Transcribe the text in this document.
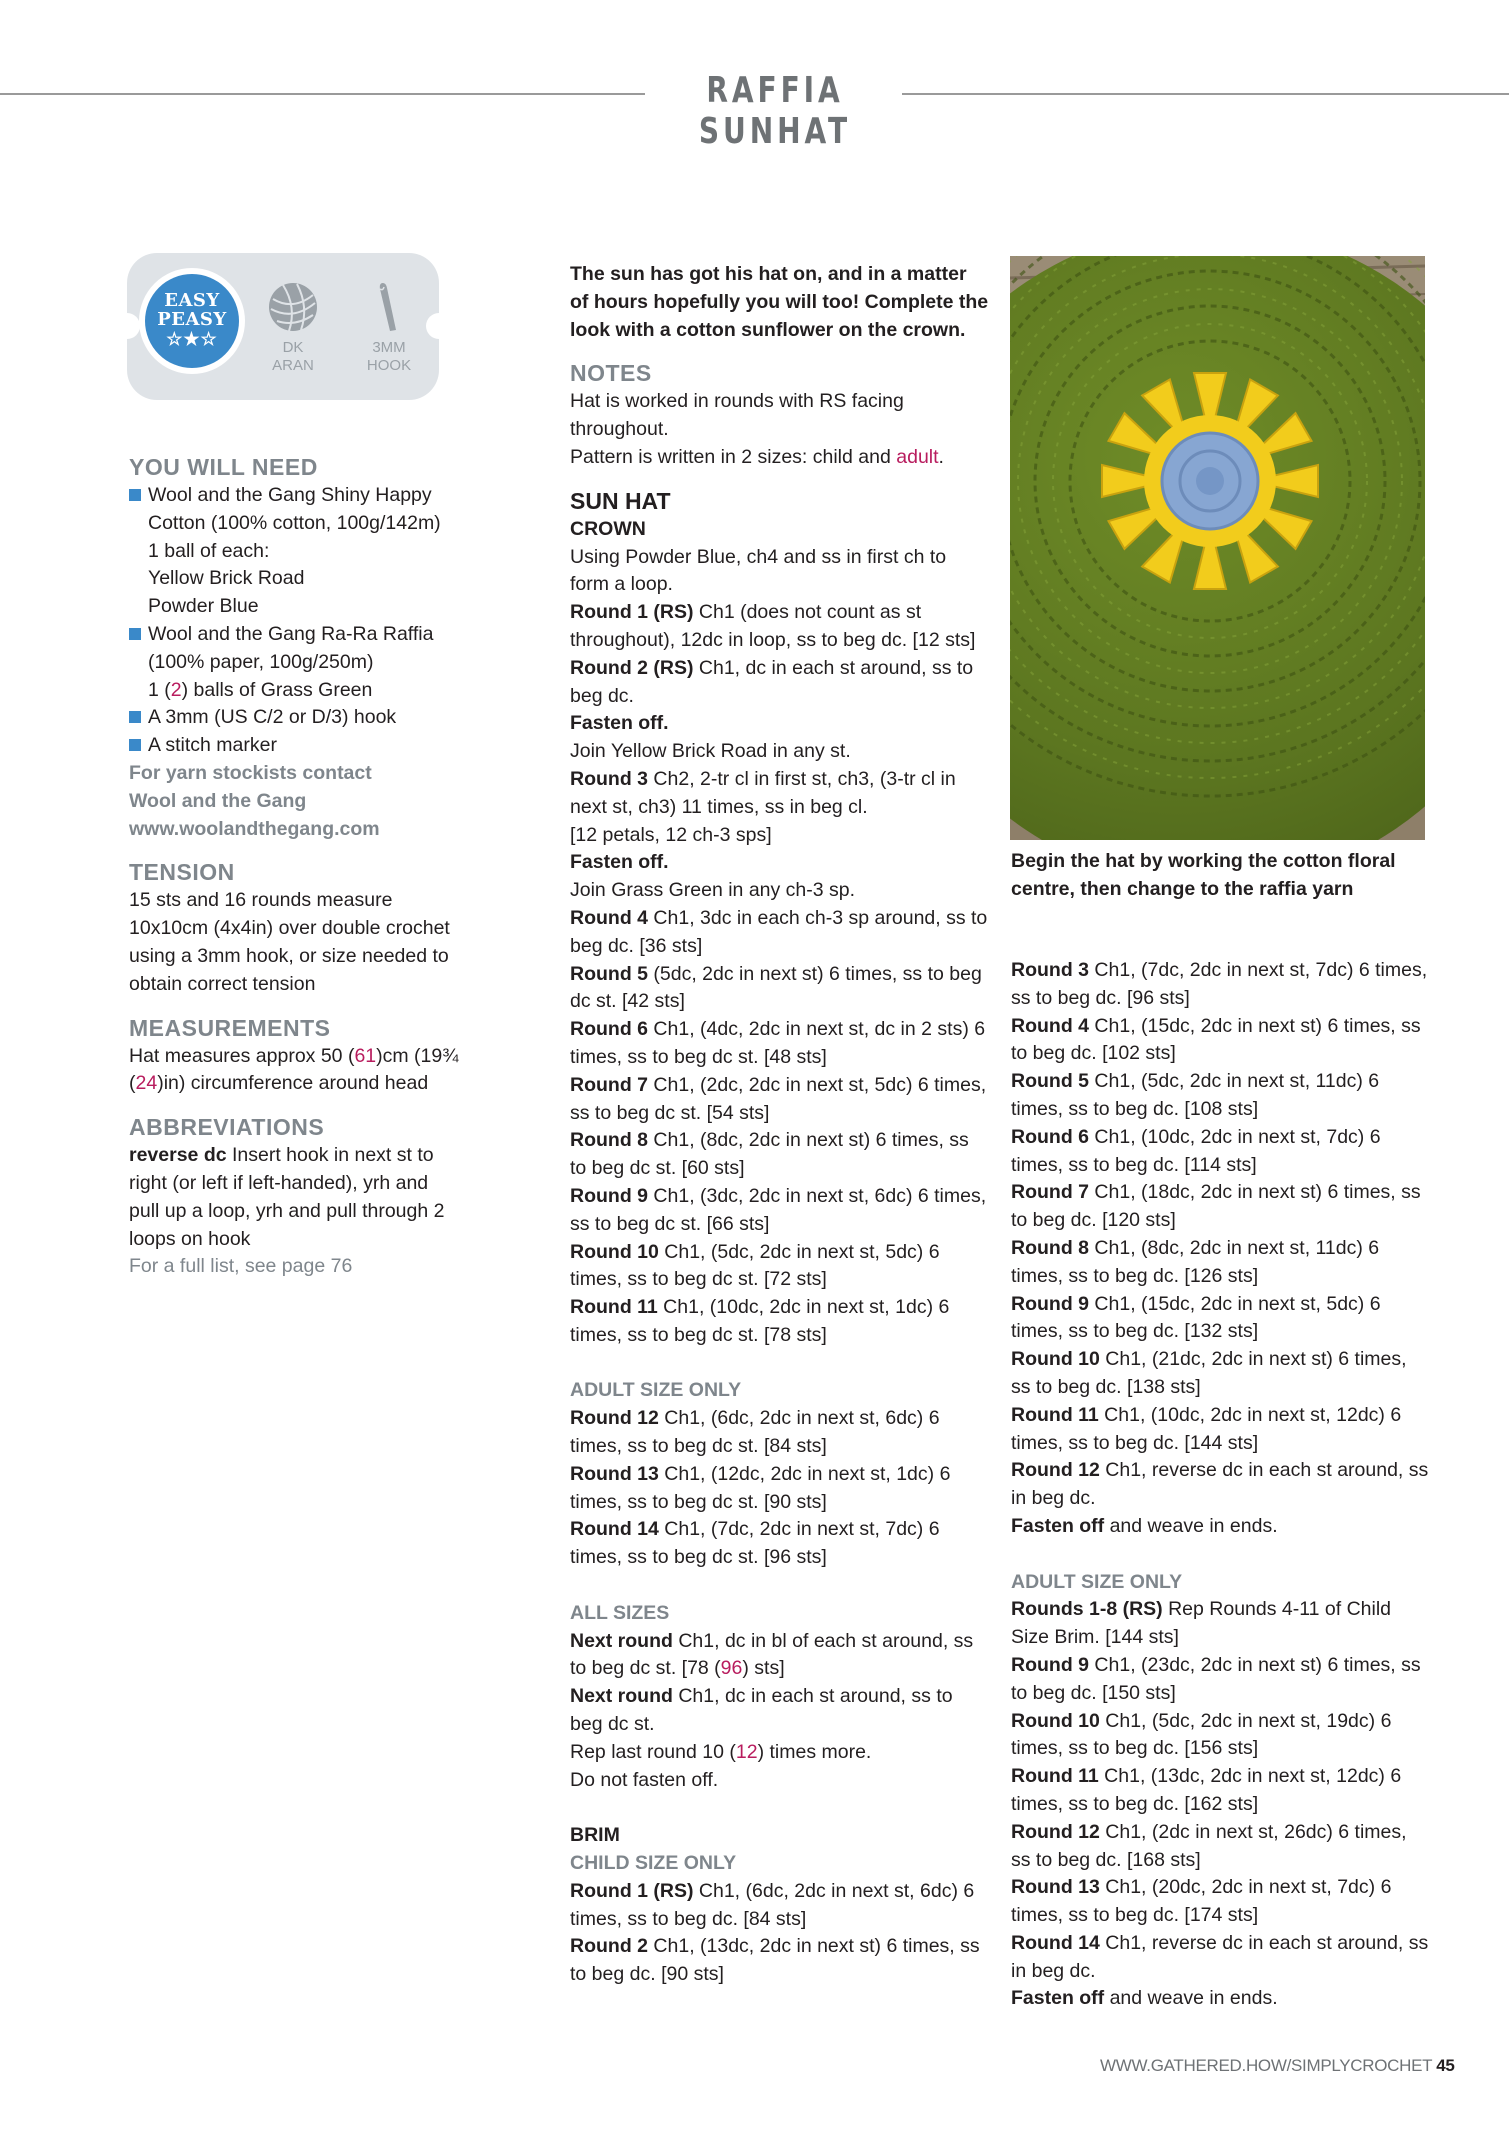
RAFFIA SUNHAT
EASY
PEASY
☆★☆	DK
ARAN
3MM
HOOK

YOU WILL NEED

Wool and the Gang Shiny Happy Cotton (100% cotton, 100g/142m)
1 ball of each:
Yellow Brick Road
Powder Blue
Wool and the Gang Ra-Ra Raffia (100% paper, 100g/250m)
1 (2) balls of Grass Green
A 3mm (US C/2 or D/3) hook
A stitch marker

For yarn stockists contact

Wool and the Gang

www.woolandthegang.com

TENSION

15 sts and 16 rounds measure 10x10cm (4x4in) over double crochet using a 3mm hook, or size needed to obtain correct tension

MEASUREMENTS

Hat measures approx 50 (61)cm (19¾ (24)in) circumference around head

ABBREVIATIONS

reverse dc Insert hook in next st to right (or left if left-handed), yrh and pull up a loop, yrh and pull through 2 loops on hook

For a full list, see page 76

The sun has got his hat on, and in a matter of hours hopefully you will too! Complete the look with a cotton sunflower on the crown.

NOTES

Hat is worked in rounds with RS facing throughout.

Pattern is written in 2 sizes: child and adult.

SUN HAT

CROWN

Using Powder Blue, ch4 and ss in first ch to form a loop.

Round 1 (RS) Ch1 (does not count as st throughout), 12dc in loop, ss to beg dc. [12 sts]

Round 2 (RS) Ch1, dc in each st around, ss to beg dc.

Fasten off.

Join Yellow Brick Road in any st.

Round 3 Ch2, 2-tr cl in first st, ch3, (3-tr cl in next st, ch3) 11 times, ss in beg cl.

[12 petals, 12 ch-3 sps]

Fasten off.

Join Grass Green in any ch-3 sp.

Round 4 Ch1, 3dc in each ch-3 sp around, ss to beg dc. [36 sts]

Round 5 (5dc, 2dc in next st) 6 times, ss to beg dc st. [42 sts]

Round 6 Ch1, (4dc, 2dc in next st, dc in 2 sts) 6 times, ss to beg dc st. [48 sts]

Round 7 Ch1, (2dc, 2dc in next st, 5dc) 6 times, ss to beg dc st. [54 sts]

Round 8 Ch1, (8dc, 2dc in next st) 6 times, ss to beg dc st. [60 sts]

Round 9 Ch1, (3dc, 2dc in next st, 6dc) 6 times, ss to beg dc st. [66 sts]

Round 10 Ch1, (5dc, 2dc in next st, 5dc) 6 times, ss to beg dc st. [72 sts]

Round 11 Ch1, (10dc, 2dc in next st, 1dc) 6 times, ss to beg dc st. [78 sts]

ADULT SIZE ONLY

Round 12 Ch1, (6dc, 2dc in next st, 6dc) 6 times, ss to beg dc st. [84 sts]

Round 13 Ch1, (12dc, 2dc in next st, 1dc) 6 times, ss to beg dc st. [90 sts]

Round 14 Ch1, (7dc, 2dc in next st, 7dc) 6 times, ss to beg dc st. [96 sts]

ALL SIZES

Next round Ch1, dc in bl of each st around, ss to beg dc st. [78 (96) sts]

Next round Ch1, dc in each st around, ss to beg dc st.

Rep last round 10 (12) times more.

Do not fasten off.

BRIM

CHILD SIZE ONLY

Round 1 (RS) Ch1, (6dc, 2dc in next st, 6dc) 6 times, ss to beg dc. [84 sts]

Round 2 Ch1, (13dc, 2dc in next st) 6 times, ss to beg dc. [90 sts]

Begin the hat by working the cotton floral centre, then change to the raffia yarn

Round 3 Ch1, (7dc, 2dc in next st, 7dc) 6 times, ss to beg dc. [96 sts]

Round 4 Ch1, (15dc, 2dc in next st) 6 times, ss to beg dc. [102 sts]

Round 5 Ch1, (5dc, 2dc in next st, 11dc) 6 times, ss to beg dc. [108 sts]

Round 6 Ch1, (10dc, 2dc in next st, 7dc) 6 times, ss to beg dc. [114 sts]

Round 7 Ch1, (18dc, 2dc in next st) 6 times, ss to beg dc. [120 sts]

Round 8 Ch1, (8dc, 2dc in next st, 11dc) 6 times, ss to beg dc. [126 sts]

Round 9 Ch1, (15dc, 2dc in next st, 5dc) 6 times, ss to beg dc. [132 sts]

Round 10 Ch1, (21dc, 2dc in next st) 6 times, ss to beg dc. [138 sts]

Round 11 Ch1, (10dc, 2dc in next st, 12dc) 6 times, ss to beg dc. [144 sts]

Round 12 Ch1, reverse dc in each st around, ss in beg dc.

Fasten off and weave in ends.

ADULT SIZE ONLY

Rounds 1-8 (RS) Rep Rounds 4-11 of Child Size Brim. [144 sts]

Round 9 Ch1, (23dc, 2dc in next st) 6 times, ss to beg dc. [150 sts]

Round 10 Ch1, (5dc, 2dc in next st, 19dc) 6 times, ss to beg dc. [156 sts]

Round 11 Ch1, (13dc, 2dc in next st, 12dc) 6 times, ss to beg dc. [162 sts]

Round 12 Ch1, (2dc in next st, 26dc) 6 times, ss to beg dc. [168 sts]

Round 13 Ch1, (20dc, 2dc in next st, 7dc) 6 times, ss to beg dc. [174 sts]

Round 14 Ch1, reverse dc in each st around, ss in beg dc.

Fasten off and weave in ends.

WWW.GATHERED.HOW/SIMPLYCROCHET 45
